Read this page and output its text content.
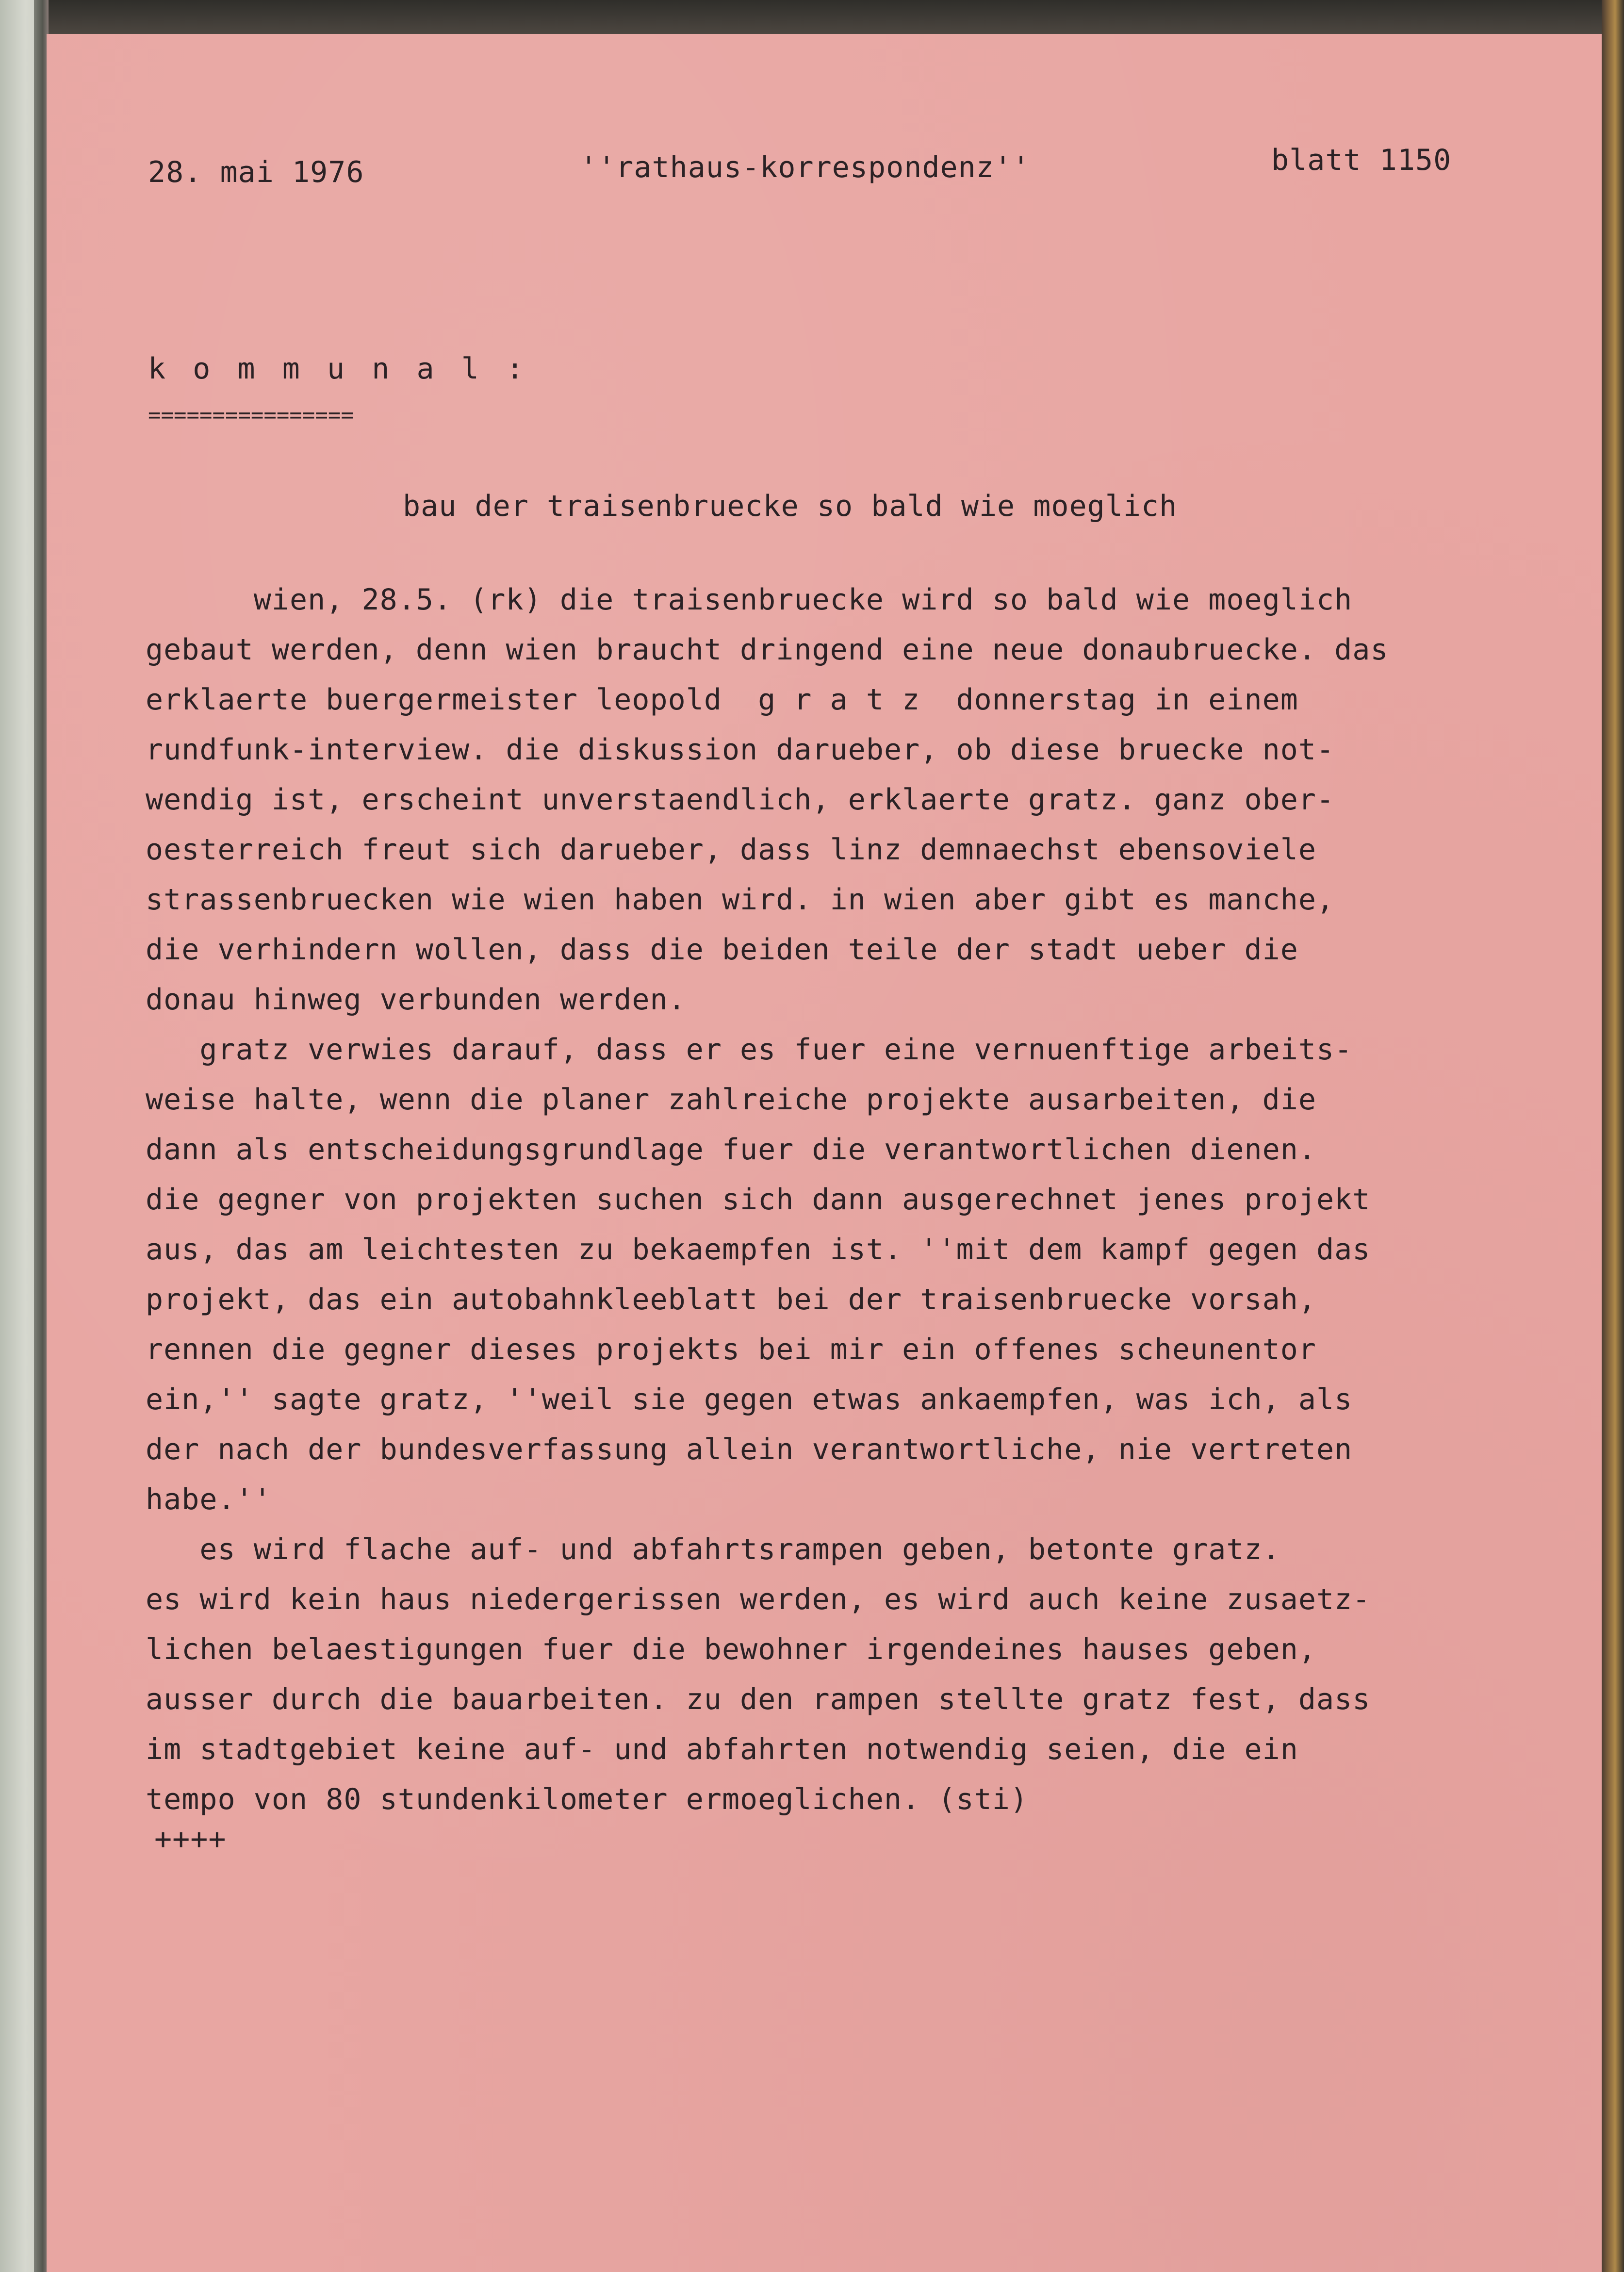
28. mai 1976	''rathaus-korrespondenz''	blatt 1150
k o m m u n a l :
================
bau der traisenbruecke so bald wie moeglich
wien, 28.5. (rk) die traisenbruecke wird so bald wie moeglich
gebaut werden, denn wien braucht dringend eine neue donaubruecke. das
erklaerte buergermeister leopold  g r a t z  donnerstag in einem
rundfunk-interview. die diskussion darueber, ob diese bruecke not-
wendig ist, erscheint unverstaendlich, erklaerte gratz. ganz ober-
oesterreich freut sich darueber, dass linz demnaechst ebensoviele
strassenbruecken wie wien haben wird. in wien aber gibt es manche,
die verhindern wollen, dass die beiden teile der stadt ueber die
donau hinweg verbunden werden.
gratz verwies darauf, dass er es fuer eine vernuenftige arbeits-
weise halte, wenn die planer zahlreiche projekte ausarbeiten, die
dann als entscheidungsgrundlage fuer die verantwortlichen dienen.
die gegner von projekten suchen sich dann ausgerechnet jenes projekt
aus, das am leichtesten zu bekaempfen ist. ''mit dem kampf gegen das
projekt, das ein autobahnkleeblatt bei der traisenbruecke vorsah,
rennen die gegner dieses projekts bei mir ein offenes scheunentor
ein,'' sagte gratz, ''weil sie gegen etwas ankaempfen, was ich, als
der nach der bundesverfassung allein verantwortliche, nie vertreten
habe.''
es wird flache auf- und abfahrtsrampen geben, betonte gratz.
es wird kein haus niedergerissen werden, es wird auch keine zusaetz-
lichen belaestigungen fuer die bewohner irgendeines hauses geben,
ausser durch die bauarbeiten. zu den rampen stellte gratz fest, dass
im stadtgebiet keine auf- und abfahrten notwendig seien, die ein
tempo von 80 stundenkilometer ermoeglichen. (sti)
++++
